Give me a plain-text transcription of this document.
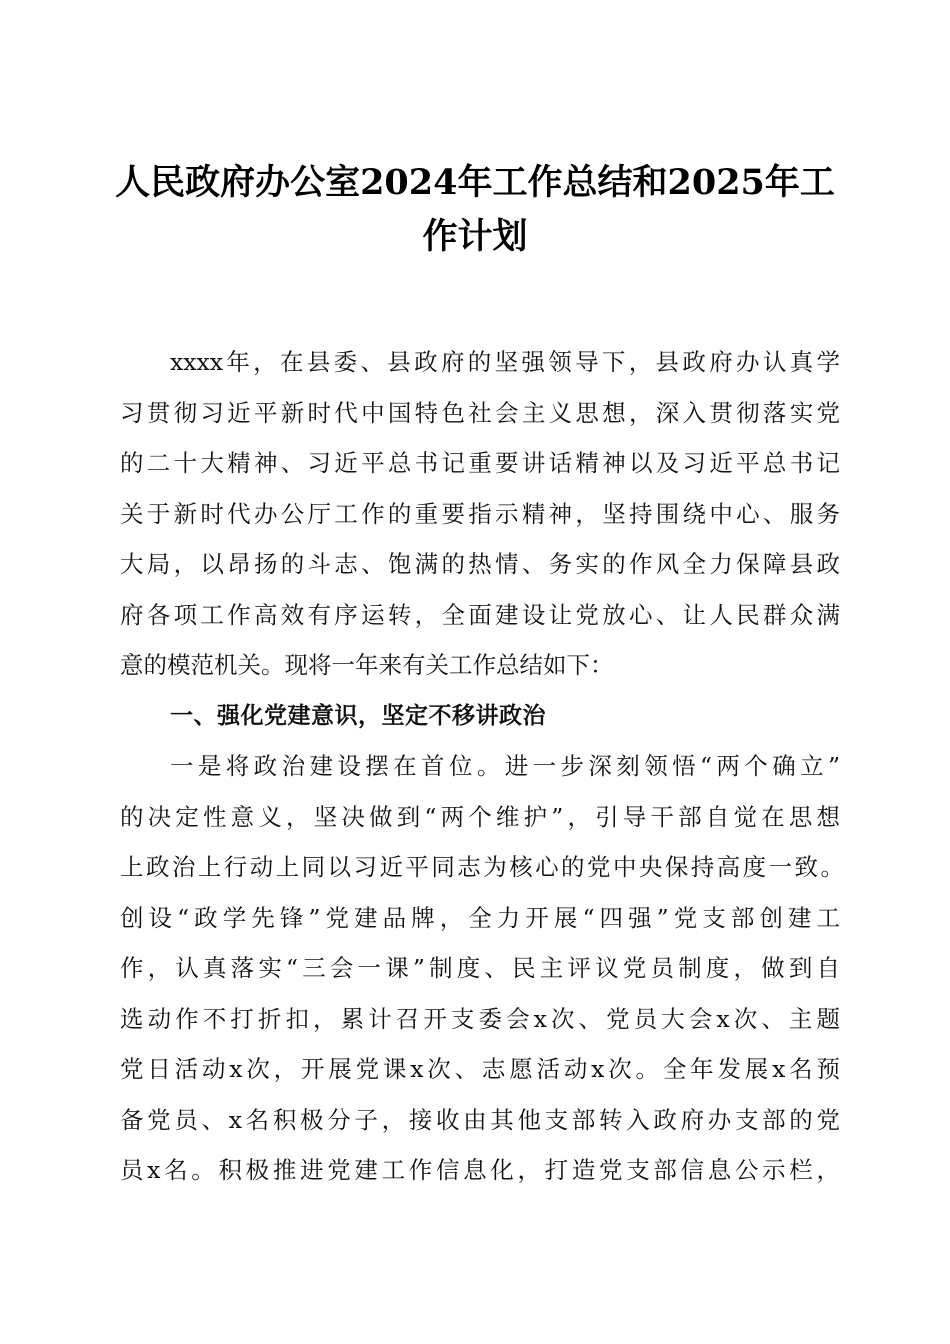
人民政府办公室2024年工作总结和2025年工
作计划
xxxx年，在县委、县政府的坚强领导下，县政府办认真学
习贯彻习近平新时代中国特色社会主义思想，深入贯彻落实党
的二十大精神、习近平总书记重要讲话精神以及习近平总书记
关于新时代办公厅工作的重要指示精神，坚持围绕中心、服务
大局，以昂扬的斗志、饱满的热情、务实的作风全力保障县政
府各项工作高效有序运转，全面建设让党放心、让人民群众满
意的模范机关。现将一年来有关工作总结如下：
一、强化党建意识，坚定不移讲政治
一是将政治建设摆在首位。进一步深刻领悟“两个确立”
的决定性意义，坚决做到“两个维护”，引导干部自觉在思想
上政治上行动上同以习近平同志为核心的党中央保持高度一致。
创设“政学先锋”党建品牌，全力开展“四强”党支部创建工
作，认真落实“三会一课”制度、民主评议党员制度，做到自
选动作不打折扣，累计召开支委会x次、党员大会x次、主题
党日活动x次，开展党课x次、志愿活动x次。全年发展x名预
备党员、x名积极分子，接收由其他支部转入政府办支部的党
员x名。积极推进党建工作信息化，打造党支部信息公示栏，
